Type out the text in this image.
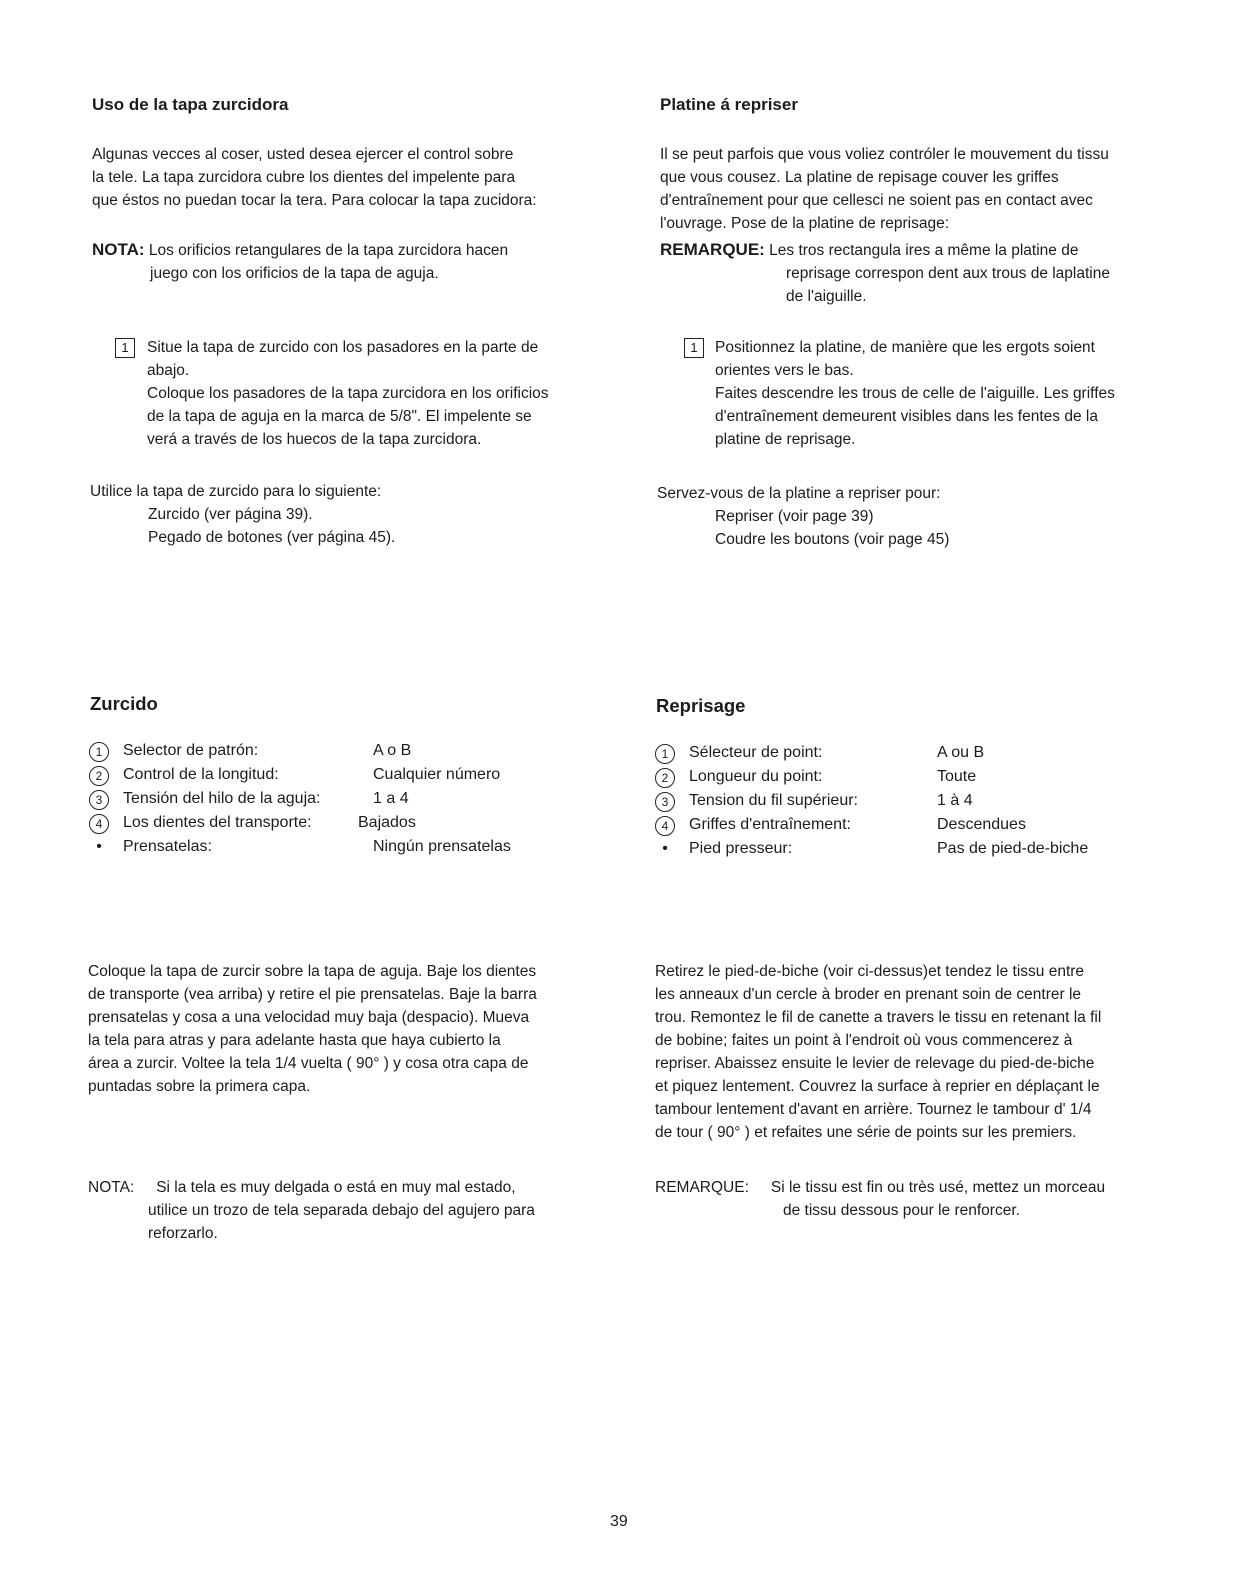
Uso de la tapa zurcidora
Algunas vecces al coser, usted desea ejercer el control sobre
la tele. La tapa zurcidora cubre los dientes del impelente para
que éstos no puedan tocar la tera. Para colocar la tapa zucidora:
NOTA: Los orificios retangulares de la tapa zurcidora hacen
juego con los orificios de la tapa de aguja.
1	Situe la tapa de zurcido con los pasadores en la parte de
abajo.
Coloque los pasadores de la tapa zurcidora en los orificios
de la tapa de aguja en la marca de 5/8". El impelente se
verá a través de los huecos de la tapa zurcidora.
Utilice la tapa de zurcido para lo siguiente:
Zurcido (ver página 39).
Pegado de botones (ver página 45).
Zurcido
1	Selector de patrón:	A o B
2	Control de la longitud:	Cualquier número
3	Tensión del hilo de la aguja:	1 a 4
4	Los dientes del transporte:	Bajados
•	Prensatelas:	Ningún prensatelas
Coloque la tapa de zurcir sobre la tapa de aguja. Baje los dientes
de transporte (vea arriba) y retire el pie prensatelas. Baje la barra
prensatelas y cosa a una velocidad muy baja (despacio). Mueva
la tela para atras y para adelante hasta que haya cubierto la
área a zurcir. Voltee la tela 1/4 vuelta ( 90° ) y cosa otra capa de
puntadas sobre la primera capa.
NOTA: Si la tela es muy delgada o está en muy mal estado,
utilice un trozo de tela separada debajo del agujero para
reforzarlo.
Platine á repriser
Il se peut parfois que vous voliez contróler le mouvement du tissu
que vous cousez. La platine de repisage couver les griffes
d'entraînement pour que cellesci ne soient pas en contact avec
l'ouvrage. Pose de la platine de reprisage:
REMARQUE: Les tros rectangula ires a même la platine de
reprisage correspon dent aux trous de laplatine
de l'aiguille.
1	Positionnez la platine, de manière que les ergots soient
orientes vers le bas.
Faites descendre les trous de celle de l'aiguille. Les griffes
d'entraînement demeurent visibles dans les fentes de la
platine de reprisage.
Servez-vous de la platine a repriser pour:
Repriser (voir page 39)
Coudre les boutons (voir page 45)
Reprisage
1	Sélecteur de point:	A ou B
2	Longueur du point:	Toute
3	Tension du fil supérieur:	1 à 4
4	Griffes d'entraînement:	Descendues
•	Pied presseur:	Pas de pied-de-biche
Retirez le pied-de-biche (voir ci-dessus)et tendez le tissu entre
les anneaux d'un cercle à broder en prenant soin de centrer le
trou. Remontez le fil de canette a travers le tissu en retenant la fil
de bobine; faites un point à l'endroit où vous commencerez à
repriser. Abaissez ensuite le levier de relevage du pied-de-biche
et piquez lentement. Couvrez la surface à reprier en déplaçant le
tambour lentement d'avant en arrière. Tournez le tambour d' 1/4
de tour ( 90° ) et refaites une série de points sur les premiers.
REMARQUE: Si le tissu est fin ou très usé, mettez un morceau
de tissu dessous pour le renforcer.
39
